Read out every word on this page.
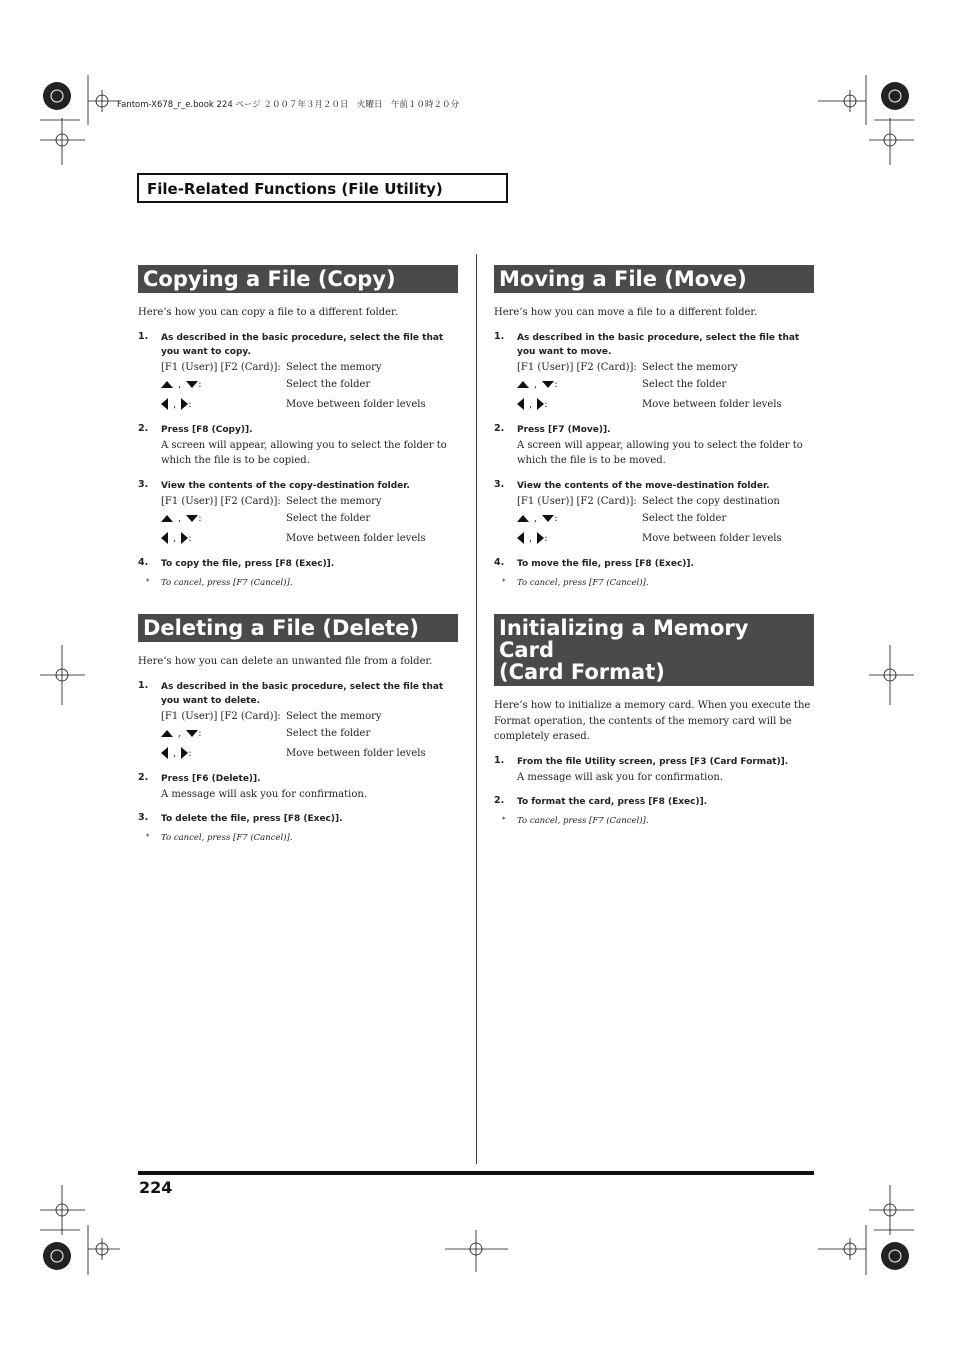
Fantom-X678_r_e.book 224 ページ ２００７年３月２０日　火曜日　午前１０時２０分
File-Related Functions (File Utility)
Copying a File (Copy)
Here’s how you can copy a file to a different folder.
1. As described in the basic procedure, select the file that you want to copy.
[F1 (User)] [F2 (Card)]: Select the memory
, :	Select the folder
, :	Move between folder levels
2. Press [F8 (Copy)].
A screen will appear, allowing you to select the folder to which the file is to be copied.
3. View the contents of the copy-destination folder.
[F1 (User)] [F2 (Card)]: Select the memory
, :	Select the folder
, :	Move between folder levels
4. To copy the file, press [F8 (Exec)].
* To cancel, press [F7 (Cancel)].
Deleting a File (Delete)
Here’s how you can delete an unwanted file from a folder.
1. As described in the basic procedure, select the file that you want to delete.
[F1 (User)] [F2 (Card)]: Select the memory
, :	Select the folder
, :	Move between folder levels
2. Press [F6 (Delete)].
A message will ask you for confirmation.
3. To delete the file, press [F8 (Exec)].
* To cancel, press [F7 (Cancel)].
Moving a File (Move)
Here’s how you can move a file to a different folder.
1. As described in the basic procedure, select the file that you want to move.
[F1 (User)] [F2 (Card)]: Select the memory
, :	Select the folder
, :	Move between folder levels
2. Press [F7 (Move)].
A screen will appear, allowing you to select the folder to which the file is to be moved.
3. View the contents of the move-destination folder.
[F1 (User)] [F2 (Card)]: Select the copy destination
, :	Select the folder
, :	Move between folder levels
4. To move the file, press [F8 (Exec)].
* To cancel, press [F7 (Cancel)].
Initializing a Memory Card
(Card Format)
Here’s how to initialize a memory card. When you execute the Format operation, the contents of the memory card will be completely erased.
1. From the file Utility screen, press [F3 (Card Format)].
A message will ask you for confirmation.
2. To format the card, press [F8 (Exec)].
* To cancel, press [F7 (Cancel)].
224
